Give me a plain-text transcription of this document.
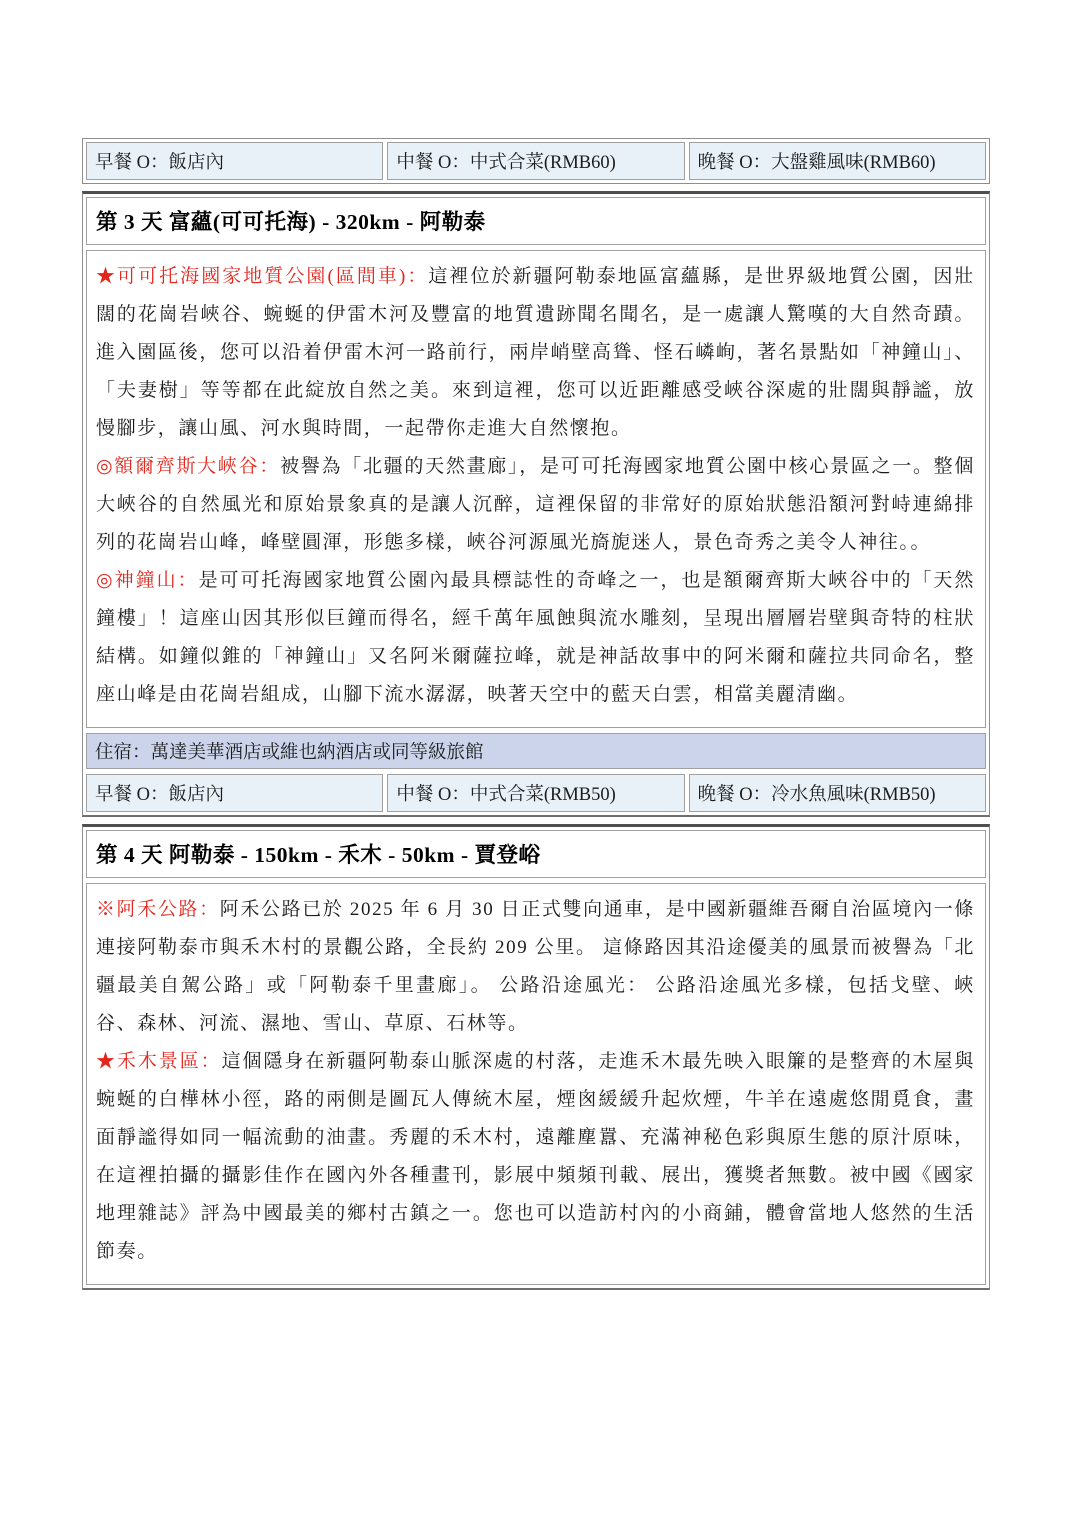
早餐 O：飯店內	中餐 O：中式合菜(RMB60)	晚餐 O：大盤雞風味(RMB60)
第 3 天 富蘊(可可托海) - 320km - 阿勒泰

★可可托海國家地質公園(區間車)：這裡位於新疆阿勒泰地區富蘊縣，是世界級地質公園，因壯闊的花崗岩峽谷、蜿蜒的伊雷木河及豐富的地質遺跡聞名聞名，是一處讓人驚嘆的大自然奇蹟。進入園區後，您可以沿着伊雷木河一路前行，兩岸峭壁高聳、怪石嶙峋，著名景點如「神鐘山」、「夫妻樹」等等都在此綻放自然之美。來到這裡，您可以近距離感受峽谷深處的壯闊與靜謐，放慢腳步，讓山風、河水與時間，一起帶你走進大自然懷抱。

◎額爾齊斯大峽谷：被譽為「北疆的天然畫廊」，是可可托海國家地質公園中核心景區之一。整個大峽谷的自然風光和原始景象真的是讓人沉醉，這裡保留的非常好的原始狀態沿額河對峙連綿排列的花崗岩山峰，峰壁圓渾，形態多樣，峽谷河源風光旖旎迷人，景色奇秀之美令人神往。。

◎神鐘山：是可可托海國家地質公園內最具標誌性的奇峰之一，也是額爾齊斯大峽谷中的「天然鐘樓」！這座山因其形似巨鐘而得名，經千萬年風蝕與流水雕刻，呈現出層層岩壁與奇特的柱狀結構。如鐘似錐的「神鐘山」又名阿米爾薩拉峰，就是神話故事中的阿米爾和薩拉共同命名，整座山峰是由花崗岩組成，山腳下流水潺潺，映著天空中的藍天白雲，相當美麗清幽。

住宿：萬達美華酒店或維也納酒店或同等級旅館
早餐 O：飯店內	中餐 O：中式合菜(RMB50)	晚餐 O：冷水魚風味(RMB50)
第 4 天 阿勒泰 - 150km - 禾木 - 50km - 賈登峪

※阿禾公路：阿禾公路已於 2025 年 6 月 30 日正式雙向通車，是中國新疆維吾爾自治區境內一條連接阿勒泰市與禾木村的景觀公路，全長約 209 公里。 這條路因其沿途優美的風景而被譽為「北疆最美自駕公路」或「阿勒泰千里畫廊」。 公路沿途風光： 公路沿途風光多樣，包括戈壁、峽谷、森林、河流、濕地、雪山、草原、石林等。

★禾木景區：這個隱身在新疆阿勒泰山脈深處的村落，走進禾木最先映入眼簾的是整齊的木屋與蜿蜒的白樺林小徑，路的兩側是圖瓦人傳統木屋，煙囪緩緩升起炊煙，牛羊在遠處悠閒覓食，畫面靜謐得如同一幅流動的油畫。秀麗的禾木村，遠離塵囂、充滿神秘色彩與原生態的原汁原味，在這裡拍攝的攝影佳作在國內外各種畫刊，影展中頻頻刊載、展出，獲獎者無數。被中國《國家地理雜誌》評為中國最美的鄉村古鎮之一。您也可以造訪村內的小商鋪，體會當地人悠然的生活節奏。
